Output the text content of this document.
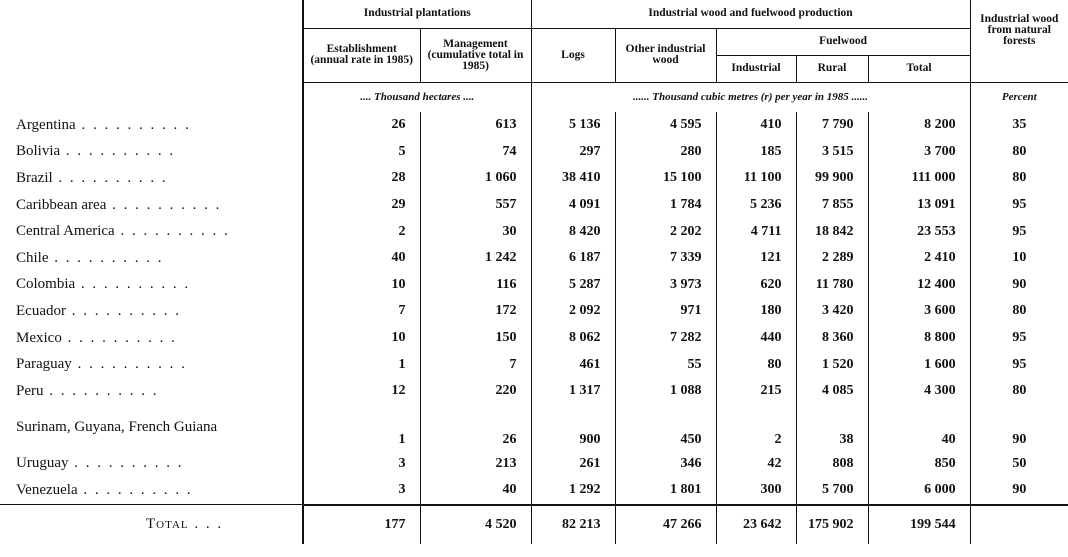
	Industrial plantations		Industrial wood and fuelwood production					Industrial wood from natural forests
	Establishment (annual rate in 1985)	Management (cumulative total in 1985)	Logs	Other industrial wood	Fuelwood			
					Industrial	Rural	Total	
	.... Thousand hectares ....		...... Thousand cubic metres (r) per year in 1985 ......					Percent
Argentina . . . . . . . . . .	26	613	5 136	4 595	410	7 790	8 200	35
Bolivia . . . . . . . . . .	5	74	297	280	185	3 515	3 700	80
Brazil . . . . . . . . . .	28	1 060	38 410	15 100	11 100	99 900	111 000	80
Caribbean area . . . . . . . . . .	29	557	4 091	1 784	5 236	7 855	13 091	95
Central America . . . . . . . . . .	2	30	8 420	2 202	4 711	18 842	23 553	95
Chile . . . . . . . . . .	40	1 242	6 187	7 339	121	2 289	2 410	10
Colombia . . . . . . . . . .	10	116	5 287	3 973	620	11 780	12 400	90
Ecuador . . . . . . . . . .	7	172	2 092	971	180	3 420	3 600	80
Mexico . . . . . . . . . .	10	150	8 062	7 282	440	8 360	8 800	95
Paraguay . . . . . . . . . .	1	7	461	55	80	1 520	1 600	95
Peru . . . . . . . . . .	12	220	1 317	1 088	215	4 085	4 300	80
Surinam, Guyana, French Guiana	1	26	900	450	2	38	40	90
Uruguay . . . . . . . . . .	3	213	261	346	42	808	850	50
Venezuela . . . . . . . . . .	3	40	1 292	1 801	300	5 700	6 000	90
Total . . .	177	4 520	82 213	47 266	23 642	175 902	199 544	
